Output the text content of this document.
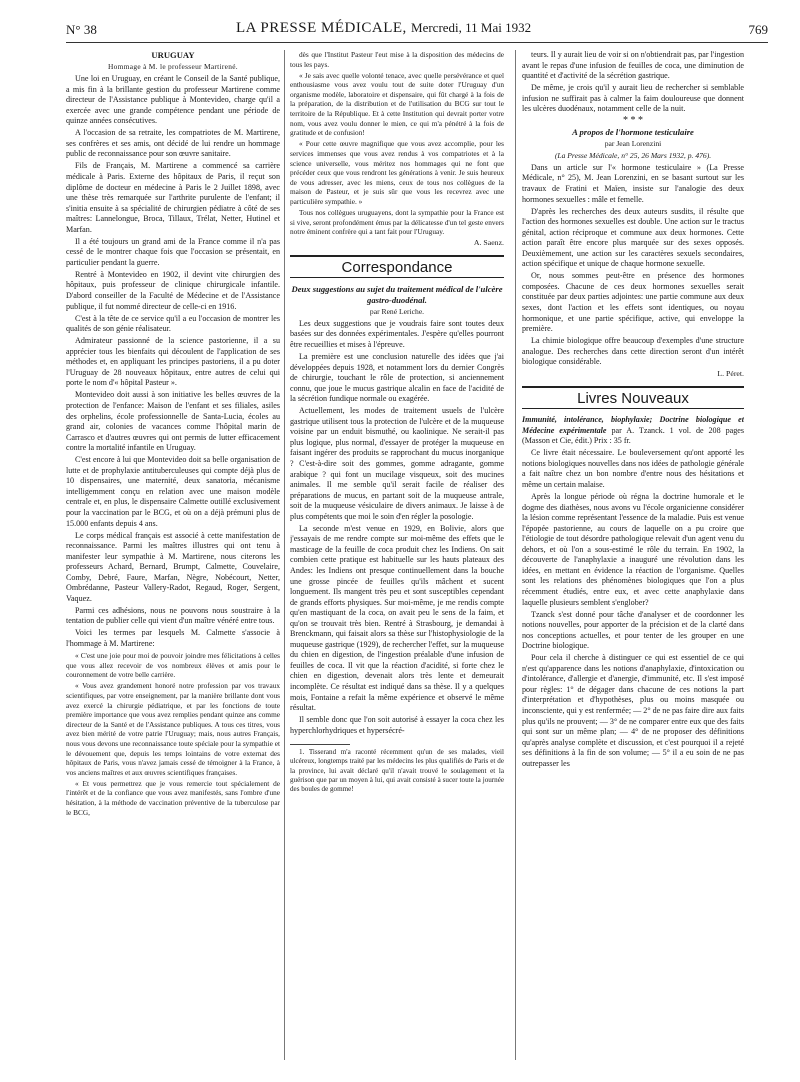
N° 38	LA PRESSE MÉDICALE, Mercredi, 11 Mai 1932	769

URUGUAY

Hommage à M. le professeur Martirené.

Une loi en Uruguay, en créant le Conseil de la Santé publique, a mis fin à la brillante gestion du professeur Martirene comme directeur de l'Assistance publique à Montevideo, charge qu'il a exercée avec une grande compétence pendant une période de quinze années consécutives.

A l'occasion de sa retraite, les compatriotes de M. Martirene, ses confrères et ses amis, ont décidé de lui rendre un hommage public de reconnaissance pour son œuvre sanitaire.

Fils de Français, M. Martirene a commencé sa carrière médicale à Paris. Externe des hôpitaux de Paris, il reçut son diplôme de docteur en médecine à Paris le 2 Juillet 1898, avec une thèse très remarquée sur l'arthrite purulente de l'enfant; il s'initia ensuite à sa spécialité de chirurgien pédiatre à côté de ses maîtres: Lannelongue, Broca, Tillaux, Trélat, Netter, Hutinel et Marfan.

Il a été toujours un grand ami de la France comme il n'a pas cessé de le montrer chaque fois que l'occasion se présentait, en particulier pendant la guerre.

Rentré à Montevideo en 1902, il devint vite chirurgien des hôpitaux, puis professeur de clinique chirurgicale infantile. D'abord conseiller de la Faculté de Médecine et de l'Assistance publique, il fut nommé directeur de celle-ci en 1916.

C'est à la tête de ce service qu'il a eu l'occasion de montrer les qualités de son génie réalisateur.

Admirateur passionné de la science pastorienne, il a su apprécier tous les bienfaits qui découlent de l'application de ses méthodes et, en appliquant les principes pastoriens, il a pu doter l'Uruguay de 28 nouveaux hôpitaux, entre autres de celui qui porte le nom d'« hôpital Pasteur ».

Montevideo doit aussi à son initiative les belles œuvres de la protection de l'enfance: Maison de l'enfant et ses filiales, asiles des orphelins, école professionnelle de Santa-Lucia, écoles au grand air, colonies de vacances comme l'hôpital marin de Carrasco et d'autres œuvres qui ont permis de lutter efficacement contre la mortalité infantile en Uruguay.

C'est encore à lui que Montevideo doit sa belle organisation de lutte et de prophylaxie antituberculeuses qui compte déjà plus de 10 dispensaires, une maternité, deux sanatoria, mécanisme intelligemment conçu en relation avec une maison modèle centrale et, en plus, le dispensaire Calmette outillé exclusivement pour la vaccination par le BCG, et où on a déjà prémuni plus de 15.000 enfants depuis 4 ans.

Le corps médical français est associé à cette manifestation de reconnaissance. Parmi les maîtres illustres qui ont tenu à manifester leur sympathie à M. Martirene, nous citerons les professeurs Achard, Bernard, Brumpt, Calmette, Couvelaire, Comby, Debré, Faure, Marfan, Nègre, Nobécourt, Netter, Ombrédanne, Pasteur Vallery-Radot, Regaud, Roger, Sergent, Vaquez.

Parmi ces adhésions, nous ne pouvons nous soustraire à la tentation de publier celle qui vient d'un maître vénéré entre tous.

Voici les termes par lesquels M. Calmette s'associe à l'hommage à M. Martirene:

« C'est une joie pour moi de pouvoir joindre mes félicitations à celles que vous allez recevoir de vos nombreux élèves et amis pour le couronnement de votre belle carrière.

« Vous avez grandement honoré notre profession par vos travaux scientifiques, par votre enseignement, par la manière brillante dont vous avez exercé la chirurgie pédiatrique, et par les fonctions de toute première importance que vous avez remplies pendant quinze ans comme directeur de la Santé et de l'Assistance publiques. A tous ces titres, vous avez bien mérité de votre patrie l'Uruguay; mais, nous autres Français, nous vous devons une reconnaissance toute spéciale pour la sympathie et le dévouement que, depuis les temps lointains de votre externat des hôpitaux de Paris, vous n'avez jamais cessé de témoigner à la France, à vos anciens maîtres et aux œuvres scientifiques françaises.

« Et vous permettrez que je vous remercie tout spécialement de l'intérêt et de la confiance que vous avez manifestés, sans l'ombre d'une hésitation, à la méthode de vaccination préventive de la tuberculose par le BCG,

dès que l'Institut Pasteur l'eut mise à la disposition des médecins de tous les pays.

« Je sais avec quelle volonté tenace, avec quelle persévérance et quel enthousiasme vous avez voulu tout de suite doter l'Uruguay d'un organisme modèle, laboratoire et dispensaire, qui fût chargé à la fois de la préparation, de la distribution et de l'utilisation du BCG sur tout le territoire de la République. Et à cette Institution qui devrait porter votre nom, vous avez voulu donner le mien, ce qui m'a pénétré à la fois de gratitude et de confusion!

« Pour cette œuvre magnifique que vous avez accomplie, pour les services immenses que vous avez rendus à vos compatriotes et à la science universelle, vous méritez nos hommages qui ne font que précéder ceux que vous rendront les générations à venir. Je suis heureux de vous adresser, avec les miens, ceux de tous nos collègues de la maison de Pasteur, et je suis sûr que vous les recevrez avec une particulière sympathie. »

Tous nos collègues uruguayens, dont la sympathie pour la France est si vive, seront profondément émus par la délicatesse d'un tel geste envers notre éminent confrère qui a tant fait pour l'Uruguay.

A. Saenz.

Correspondance

Deux suggestions au sujet du traitement médical de l'ulcère gastro-duodénal.

par René Leriche.

Les deux suggestions que je voudrais faire sont toutes deux basées sur des données expérimentales. J'espère qu'elles pourront être recueillies et mises à l'épreuve.

La première est une conclusion naturelle des idées que j'ai développées depuis 1928, et notamment lors du dernier Congrès de chirurgie, touchant le rôle de protection, si anciennement connu, que joue le mucus gastrique alcalin en face de l'acidité de la sécrétion fundique normale ou exagérée.

Actuellement, les modes de traitement usuels de l'ulcère gastrique utilisent tous la protection de l'ulcère et de la muqueuse voisine par un enduit bismuthé, ou kaolinique. Ne serait-il pas plus logique, plus normal, d'essayer de protéger la muqueuse en faisant ingérer des produits se rapprochant du mucus inorganique ? C'est-à-dire soit des gommes, gomme adragante, gomme arabique ? qui font un mucilage visqueux, soit des mucines animales. Il me semble qu'il serait facile de réaliser des préparations de mucus, en partant soit de la muqueuse antrale, soit de la muqueuse vésiculaire de divers animaux. Je laisse à de plus compétents que moi le soin d'en régler la posologie.

La seconde m'est venue en 1929, en Bolivie, alors que j'essayais de me rendre compte sur moi-même des effets que le masticage de la feuille de coca produit chez les Indiens. On sait combien cette pratique est habituelle sur les hauts plateaux des Andes: les Indiens ont presque continuellement dans la bouche une grosse pincée de feuilles qu'ils mâchent et sucent longuement. Ils mangent très peu et sont susceptibles cependant de grands efforts physiques. Sur moi-même, je me rendis compte qu'en mastiquant de la coca, on avait peu le sens de la faim, et qu'on se trouvait très bien. Rentré à Strasbourg, je demandai à Brenckmann, qui faisait alors sa thèse sur l'histophysiologie de la muqueuse gastrique (1929), de rechercher l'effet, sur la muqueuse du chien en digestion, de l'ingestion préalable d'une infusion de feuilles de coca. Il vit que la réaction d'acidité, si forte chez le chien en digestion, devenait alors très lente et demeurait incomplète. Ce résultat est indiqué dans sa thèse. Il y a quelques mois, Fontaine a refait la même expérience et observé le même résultat.

Il semble donc que l'on soit autorisé à essayer la coca chez les hyperchlorhydriques et hypersécré-

1. Tisserand m'a raconté récemment qu'un de ses malades, vieil ulcéreux, longtemps traité par les médecins les plus qualifiés de Paris et de la province, lui avait déclaré qu'il n'avait trouvé le soulagement et la guérison que par un moyen à lui, qui avait consisté à sucer toute la journée des boules de gomme!

teurs. Il y aurait lieu de voir si on n'obtiendrait pas, par l'ingestion avant le repas d'une infusion de feuilles de coca, une diminution de quantité et d'activité de la sécrétion gastrique.

De même, je crois qu'il y aurait lieu de rechercher si semblable infusion ne suffirait pas à calmer la faim douloureuse que donnent les ulcères duodénaux, notamment celle de la nuit.

* * *

A propos de l'hormone testiculaire

par Jean Lorenzini

(La Presse Médicale, n° 25, 26 Mars 1932, p. 476).

Dans un article sur l'« hormone testiculaire » (La Presse Médicale, n° 25), M. Jean Lorenzini, en se basant surtout sur les travaux de Fratini et Maïen, insiste sur l'analogie des deux hormones sexuelles : mâle et femelle.

D'après les recherches des deux auteurs susdits, il résulte que l'action des hormones sexuelles est double. Une action sur le tractus génital, action réciproque et commune aux deux hormones. Cette action paraît être encore plus marquée sur des sexes opposés. Deuxièmement, une action sur les caractères sexuels secondaires, action spécifique et unique de chaque hormone sexuelle.

Or, nous sommes peut-être en présence des hormones composées. Chacune de ces deux hormones sexuelles serait constituée par deux parties adjointes: une partie commune aux deux sexes, dont l'action et les effets sont identiques, ou noyau hormonique, et une partie spécifique, active, qui enveloppe la première.

La chimie biologique offre beaucoup d'exemples d'une structure analogue. Des recherches dans cette direction seront d'un intérêt biologique considérable.

L. Péret.

Livres Nouveaux

Immunité, intolérance, biophylaxie; Doctrine biologique et Médecine expérimentale par A. Tzanck. 1 vol. de 208 pages (Masson et Cie, édit.) Prix : 35 fr.

Ce livre était nécessaire. Le bouleversement qu'ont apporté les notions biologiques nouvelles dans nos idées de pathologie générale a fait naître chez un bon nombre d'entre nous des hésitations et même un certain malaise.

Après la longue période où régna la doctrine humorale et le dogme des diathèses, nous avons vu l'école organicienne considérer la lésion comme représentant l'essence de la maladie. Puis est venue l'épopée pastorienne, au cours de laquelle on a pu croire que l'étiologie de tout désordre pathologique relevait d'un agent venu du dehors, et où l'on a sous-estimé le rôle du terrain. En 1902, la découverte de l'anaphylaxie a inauguré une révolution dans les idées, en mettant en évidence la réaction de l'organisme. Quelles sont les relations des phénomènes biologiques que l'on a plus récemment étudiés, entre eux, et avec cette anaphylaxie dans laquelle plusieurs semblent s'englober?

Tzanck s'est donné pour tâche d'analyser et de coordonner les notions nouvelles, pour apporter de la précision et de la clarté dans nos conceptions actuelles, et pour tenter de les grouper en une Doctrine biologique.

Pour cela il cherche à distinguer ce qui est essentiel de ce qui n'est qu'apparence dans les notions d'anaphylaxie, d'intoxication ou d'intolérance, d'allergie et d'anergie, d'immunité, etc. Il s'est imposé pour règles: 1° de dégager dans chacune de ces notions la part d'interprétation et d'hypothèses, plus ou moins masquée ou inconsciente, qui y est renfermée; — 2° de ne pas faire dire aux faits plus qu'ils ne prouvent; — 3° de ne comparer entre eux que des faits qui sont sur un même plan; — 4° de ne proposer des définitions qu'après analyse complète et discussion, et c'est pourquoi il a rejeté ses définitions à la fin de son volume; — 5° il a eu soin de ne pas outrepasser les
